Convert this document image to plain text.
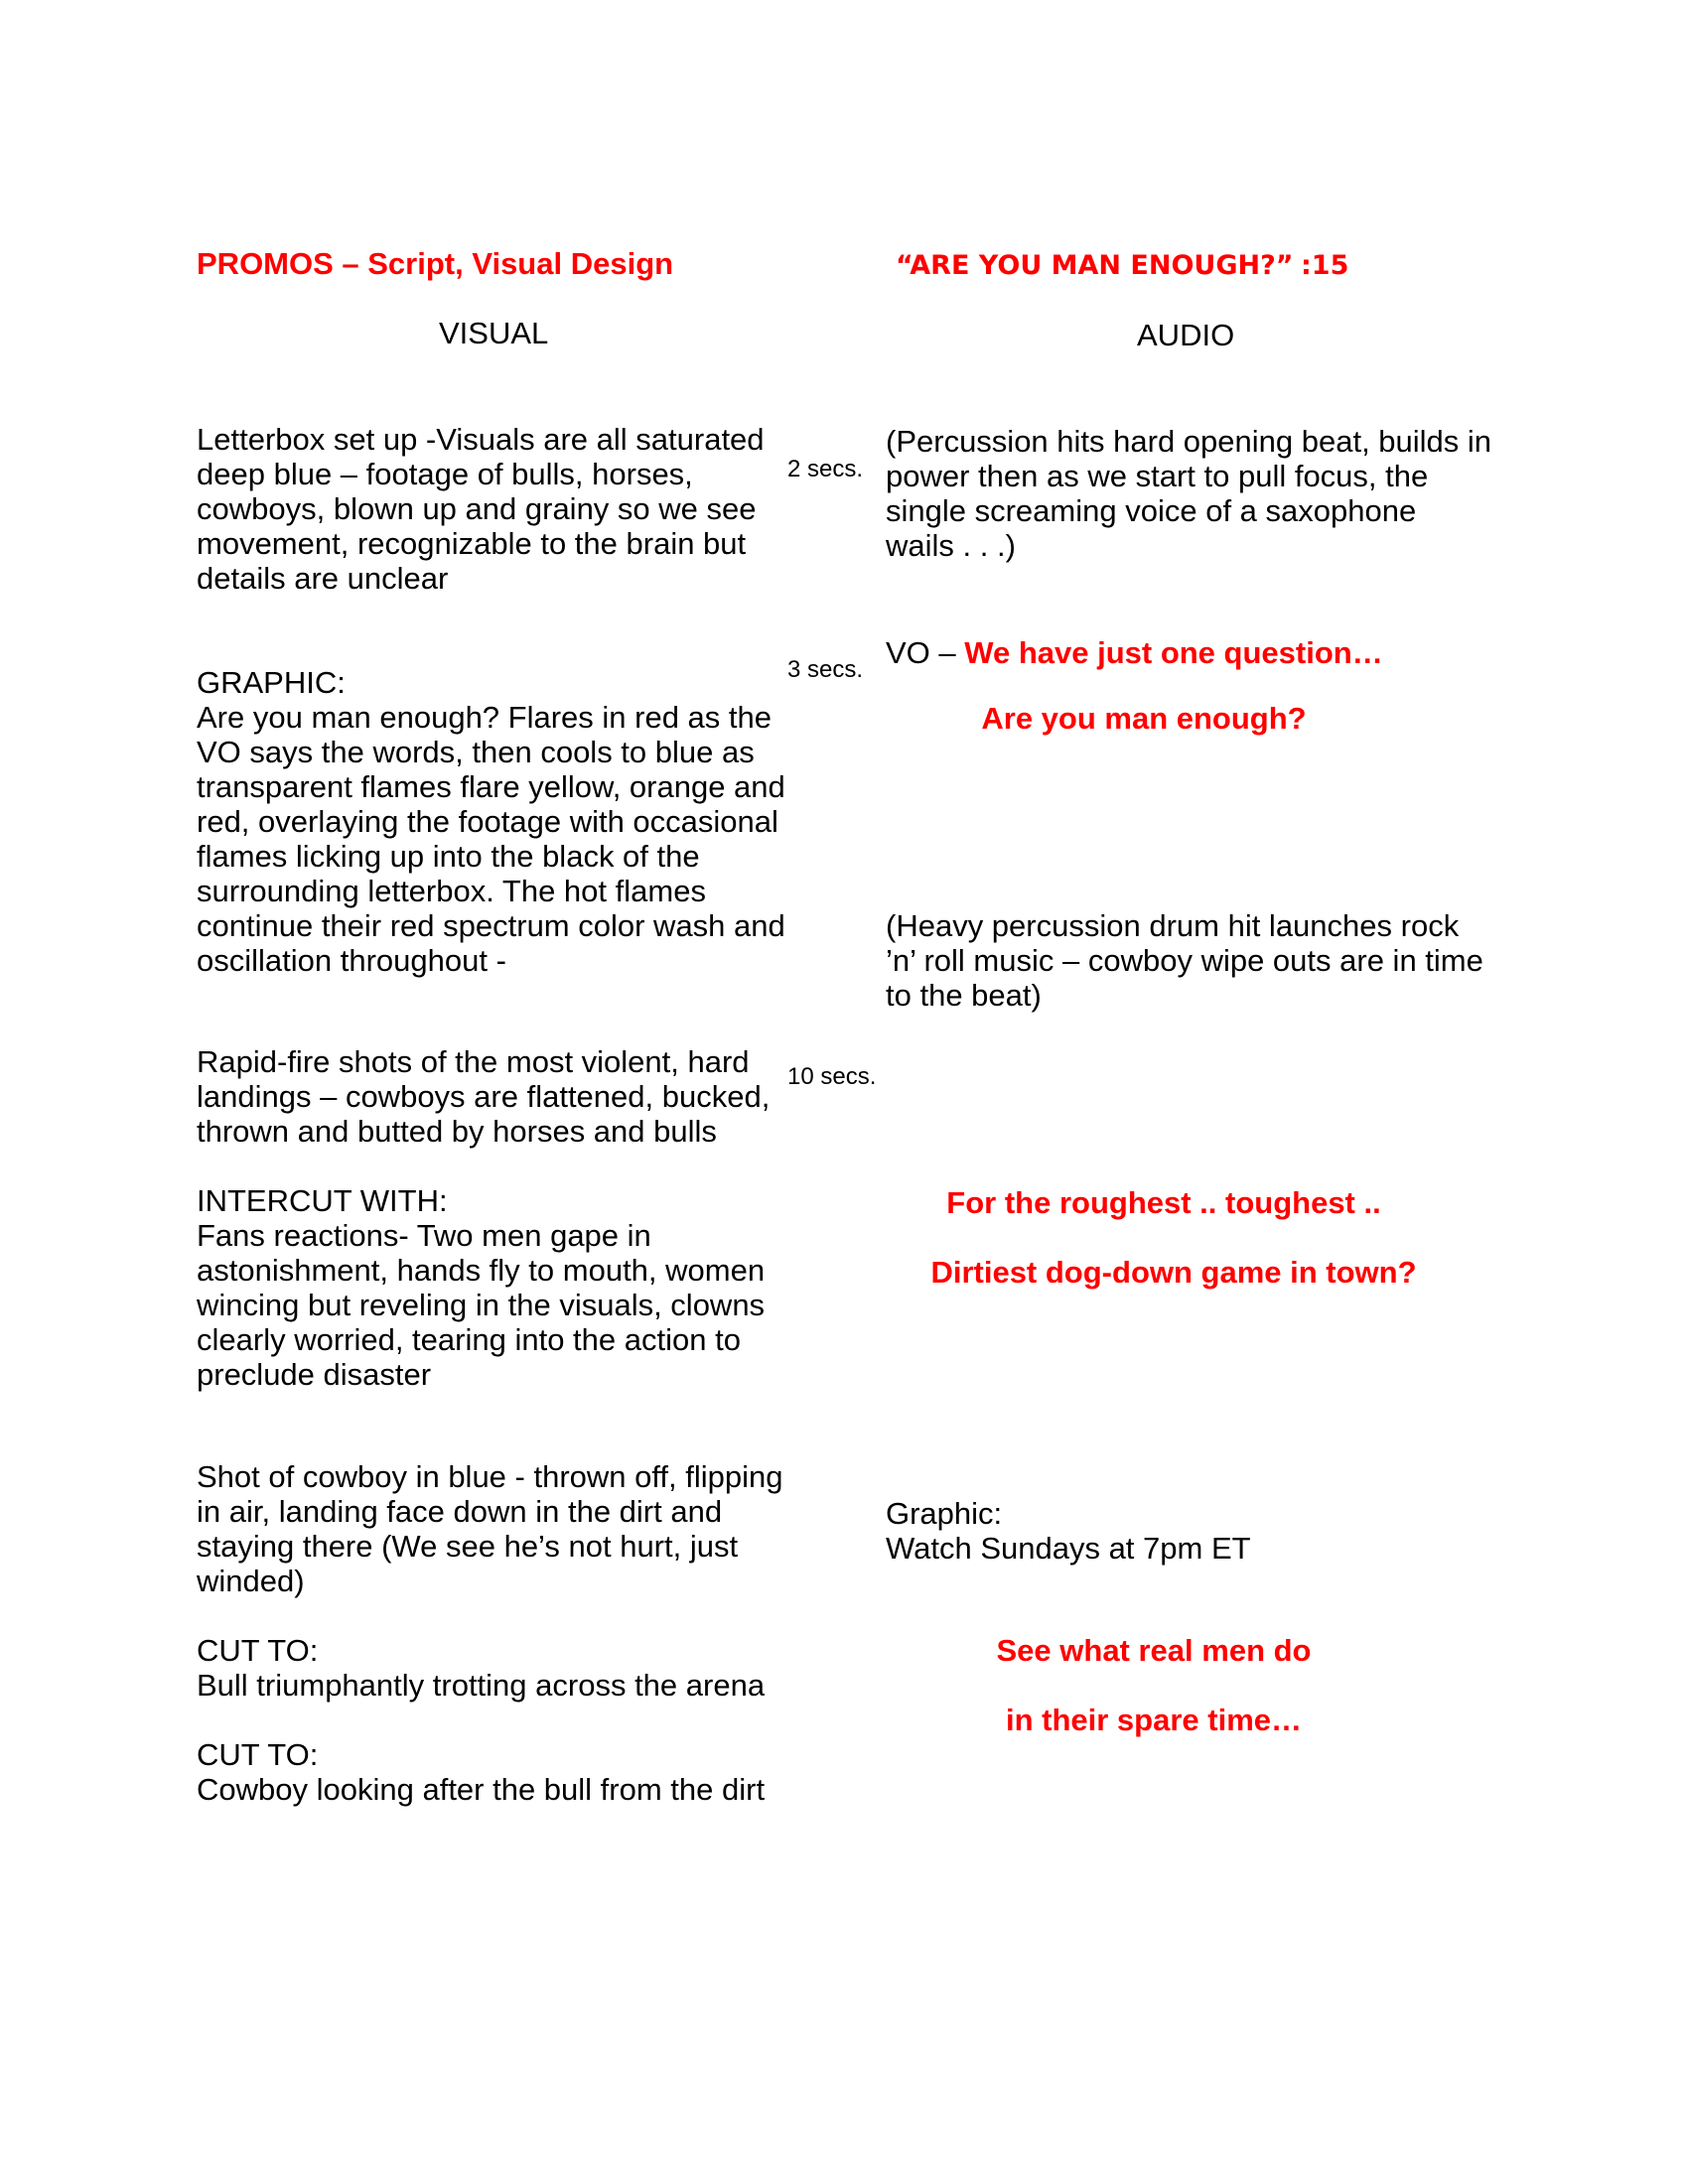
PROMOS – Script, Visual Design	“ARE YOU MAN ENOUGH?” :15
VISUAL	AUDIO
Letterbox set up -Visuals are all saturated
deep blue – footage of bulls, horses,
cowboys, blown up and grainy so we see
movement, recognizable to the brain but
details are unclear
GRAPHIC:
Are you man enough? Flares in red as the
VO says the words, then cools to blue as
transparent flames flare yellow, orange and
red, overlaying the footage with occasional
flames licking up into the black of the
surrounding letterbox. The hot flames
continue their red spectrum color wash and
oscillation throughout -
Rapid-fire shots of the most violent, hard
landings – cowboys are flattened, bucked,
thrown and butted by horses and bulls
INTERCUT WITH:
Fans reactions- Two men gape in
astonishment, hands fly to mouth, women
wincing but reveling in the visuals, clowns
clearly worried, tearing into the action to
preclude disaster
Shot of cowboy in blue - thrown off, flipping
in air, landing face down in the dirt and
staying there (We see he’s not hurt, just
winded)
CUT TO:
Bull triumphantly trotting across the arena
CUT TO:
Cowboy looking after the bull from the dirt
2 secs.
3 secs.
10 secs.
(Percussion hits hard opening beat, builds in
power then as we start to pull focus, the
single screaming voice of a saxophone
wails . . .)
VO – We have just one question…
Are you man enough?
(Heavy percussion drum hit launches rock
’n’ roll music – cowboy wipe outs are in time
to the beat)
For the roughest .. toughest ..
Dirtiest dog-down game in town?
Graphic:
Watch Sundays at 7pm ET
See what real men do
in their spare time…
